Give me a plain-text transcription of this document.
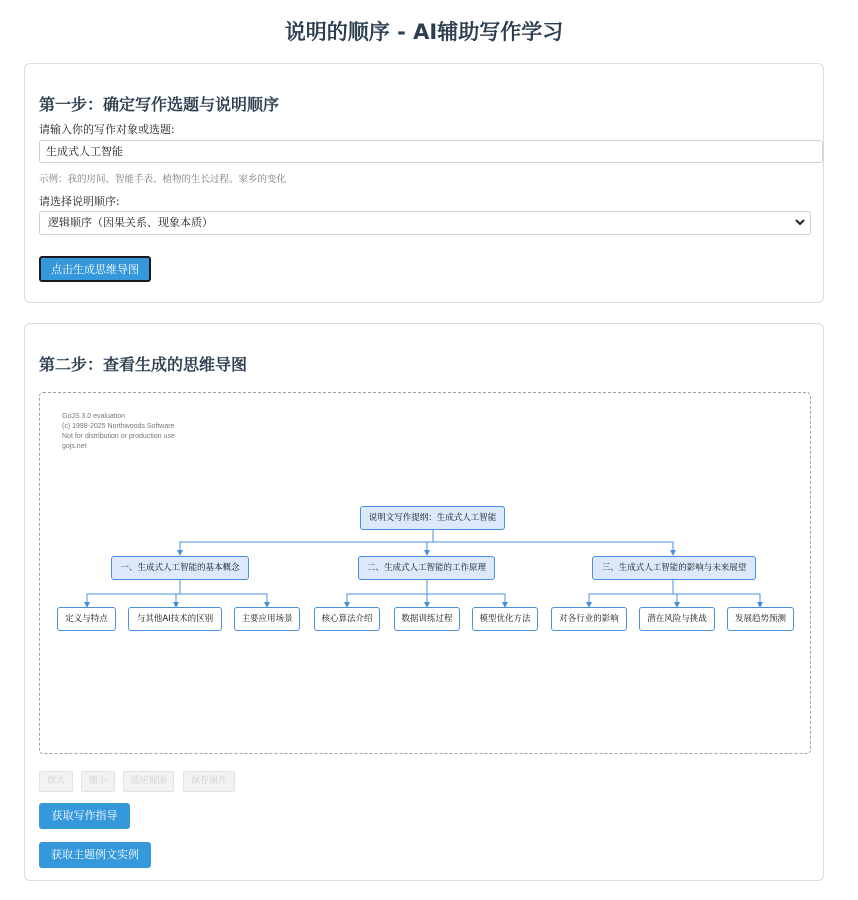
说明的顺序 - AI辅助写作学习
第一步：确定写作选题与说明顺序
请输入你的写作对象或选题:
生成式人工智能
示例：我的房间、智能手表、植物的生长过程、家乡的变化
请选择说明顺序:
逻辑顺序（因果关系、现象本质）
点击生成思维导图
第二步：查看生成的思维导图
GoJS 3.0 evaluation
(c) 1998-2025 Northwoods Software
Not for distribution or production use
gojs.net
说明文写作提纲：生成式人工智能
一、生成式人工智能的基本概念	二、生成式人工智能的工作原理	三、生成式人工智能的影响与未来展望
定义与特点	与其他AI技术的区别	主要应用场景	核心算法介绍	数据训练过程	模型优化方法	对各行业的影响	潜在风险与挑战	发展趋势预测
放大	缩小	适应视图	保存图片
获取写作指导
获取主题例文实例
